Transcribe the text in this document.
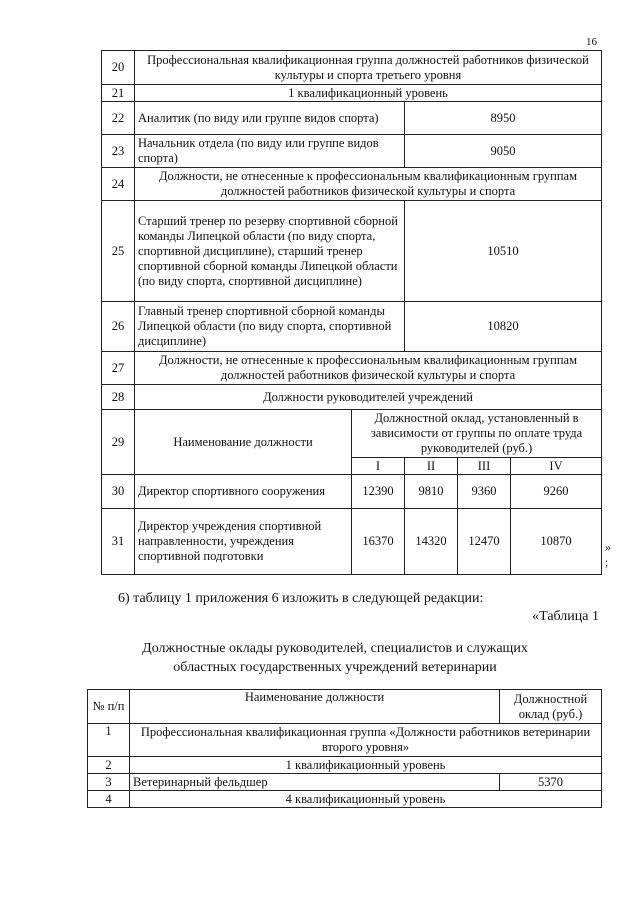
16
20	Профессиональная квалификационная группа должностей работников физической культуры и спорта третьего уровня				
21	1 квалификационный уровень				
22	Аналитик (по виду или группе видов спорта)		8950		
23	Начальник отдела (по виду или группе видов спорта)		9050		
24	Должности, не отнесенные к профессиональным квалификационным группам должностей работников физической культуры и спорта				
25	Старший тренер по резерву спортивной сборной команды Липецкой области (по виду спорта, спортивной дисциплине), старший тренер спортивной сборной команды Липецкой области (по виду спорта, спортивной дисциплине)		10510		
26	Главный тренер спортивной сборной команды Липецкой области (по виду спорта, спортивной дисциплине)		10820		
27	Должности, не отнесенные к профессиональным квалификационным группам должностей работников физической культуры и спорта				
28	Должности руководителей учреждений				
29	Наименование должности	Должностной оклад, установленный в зависимости от группы по оплате труда руководителей (руб.)			
		I	II	III	IV
30	Директор спортивного сооружения	12390	9810	9360	9260
31	Директор учреждения спортивной направленности, учреждения спортивной подготовки	16370	14320	12470	10870	»
;
6) таблицу 1 приложения 6 изложить в следующей редакции:
«Таблица 1
Должностные оклады руководителей, специалистов и служащих
областных государственных учреждений ветеринарии
№ п/п	Наименование должности	Должностной оклад (руб.)
1	Профессиональная квалификационная группа «Должности работников ветеринарии второго уровня»	
2	1 квалификационный уровень	
3	Ветеринарный фельдшер	5370
4	4 квалификационный уровень	
